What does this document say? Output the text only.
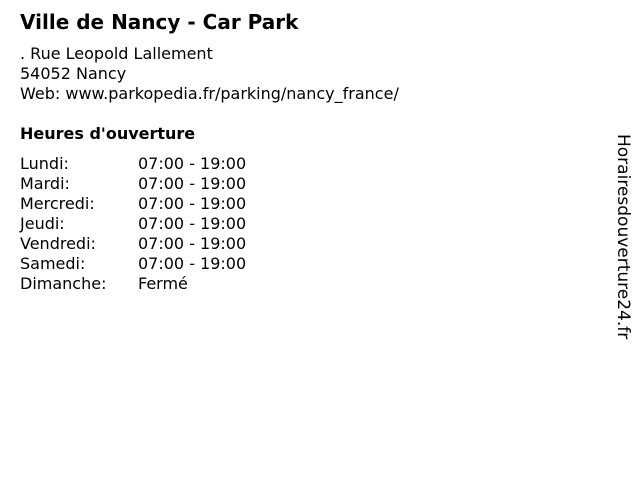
Ville de Nancy - Car Park
. Rue Leopold Lallement
54052 Nancy
Web: www.parkopedia.fr/parking/nancy_france/
Heures d'ouverture
Lundi:	07:00 - 19:00
Mardi:	07:00 - 19:00
Mercredi:	07:00 - 19:00
Jeudi:	07:00 - 19:00
Vendredi:	07:00 - 19:00
Samedi:	07:00 - 19:00
Dimanche:	Fermé	Horairesdouverture24.fr
